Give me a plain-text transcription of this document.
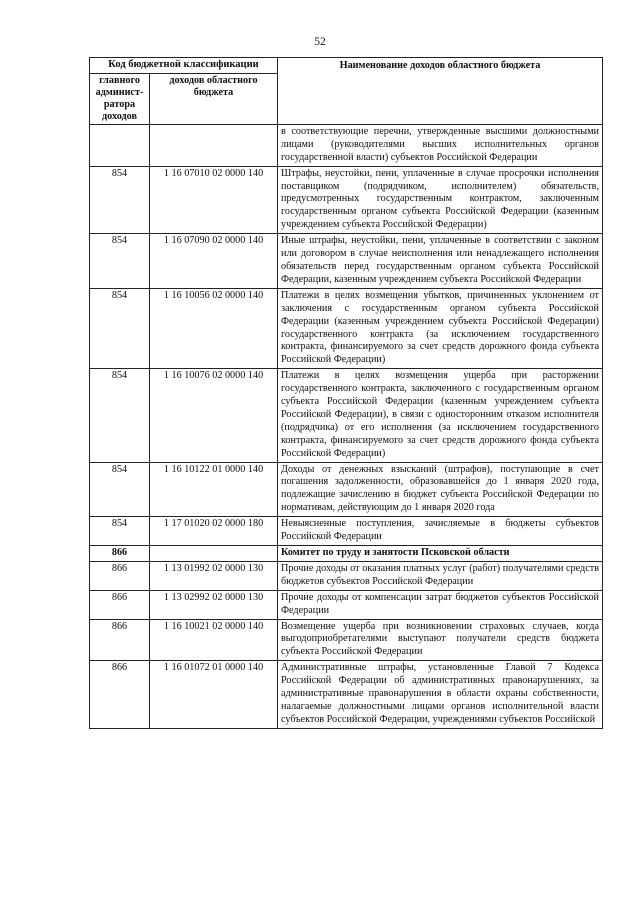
52
Код бюджетной классификации		Наименование доходов областного бюджета
главного админист-ратора доходов	доходов областного бюджета	
		в соответствующие перечни, утвержденные высшими должностными лицами (руководителями высших исполнительных органов государственной власти) субъектов Российской Федерации
854	1 16 07010 02 0000 140	Штрафы, неустойки, пени, уплаченные в случае просрочки исполнения поставщиком (подрядчиком, исполнителем) обязательств, предусмотренных государственным контрактом, заключенным государственным органом субъекта Российской Федерации (казенным учреждением субъекта Российской Федерации)
854	1 16 07090 02 0000 140	Иные штрафы, неустойки, пени, уплаченные в соответствии с законом или договором в случае неисполнения или ненадлежащего исполнения обязательств перед государственным органом субъекта Российской Федерации, казенным учреждением субъекта Российской Федерации
854	1 16 10056 02 0000 140	Платежи в целях возмещения убытков, причиненных уклонением от заключения с государственным органом субъекта Российской Федерации (казенным учреждением субъекта Российской Федерации) государственного контракта (за исключением государственного контракта, финансируемого за счет средств дорожного фонда субъекта Российской Федерации)
854	1 16 10076 02 0000 140	Платежи в целях возмещения ущерба при расторжении государственного контракта, заключенного с государственным органом субъекта Российской Федерации (казенным учреждением субъекта Российской Федерации), в связи с односторонним отказом исполнителя (подрядчика) от его исполнения (за исключением государственного контракта, финансируемого за счет средств дорожного фонда субъекта Российской Федерации)
854	1 16 10122 01 0000 140	Доходы от денежных взысканий (штрафов), поступающие в счет погашения задолженности, образовавшейся до 1 января 2020 года, подлежащие зачислению в бюджет субъекта Российской Федерации по нормативам, действующим до 1 января 2020 года
854	1 17 01020 02 0000 180	Невыясненные поступления, зачисляемые в бюджеты субъектов Российской Федерации
866		Комитет по труду и занятости Псковской области
866	1 13 01992 02 0000 130	Прочие доходы от оказания платных услуг (работ) получателями средств бюджетов субъектов Российской Федерации
866	1 13 02992 02 0000 130	Прочие доходы от компенсации затрат бюджетов субъектов Российской Федерации
866	1 16 10021 02 0000 140	Возмещение ущерба при возникновении страховых случаев, когда выгодоприобретателями выступают получатели средств бюджета субъекта Российской Федерации
866	1 16 01072 01 0000 140	Административные штрафы, установленные Главой 7 Кодекса Российской Федерации об административных правонарушениях, за административные правонарушения в области охраны собственности, налагаемые должностными лицами органов исполнительной власти субъектов Российской Федерации, учреждениями субъектов Российской
